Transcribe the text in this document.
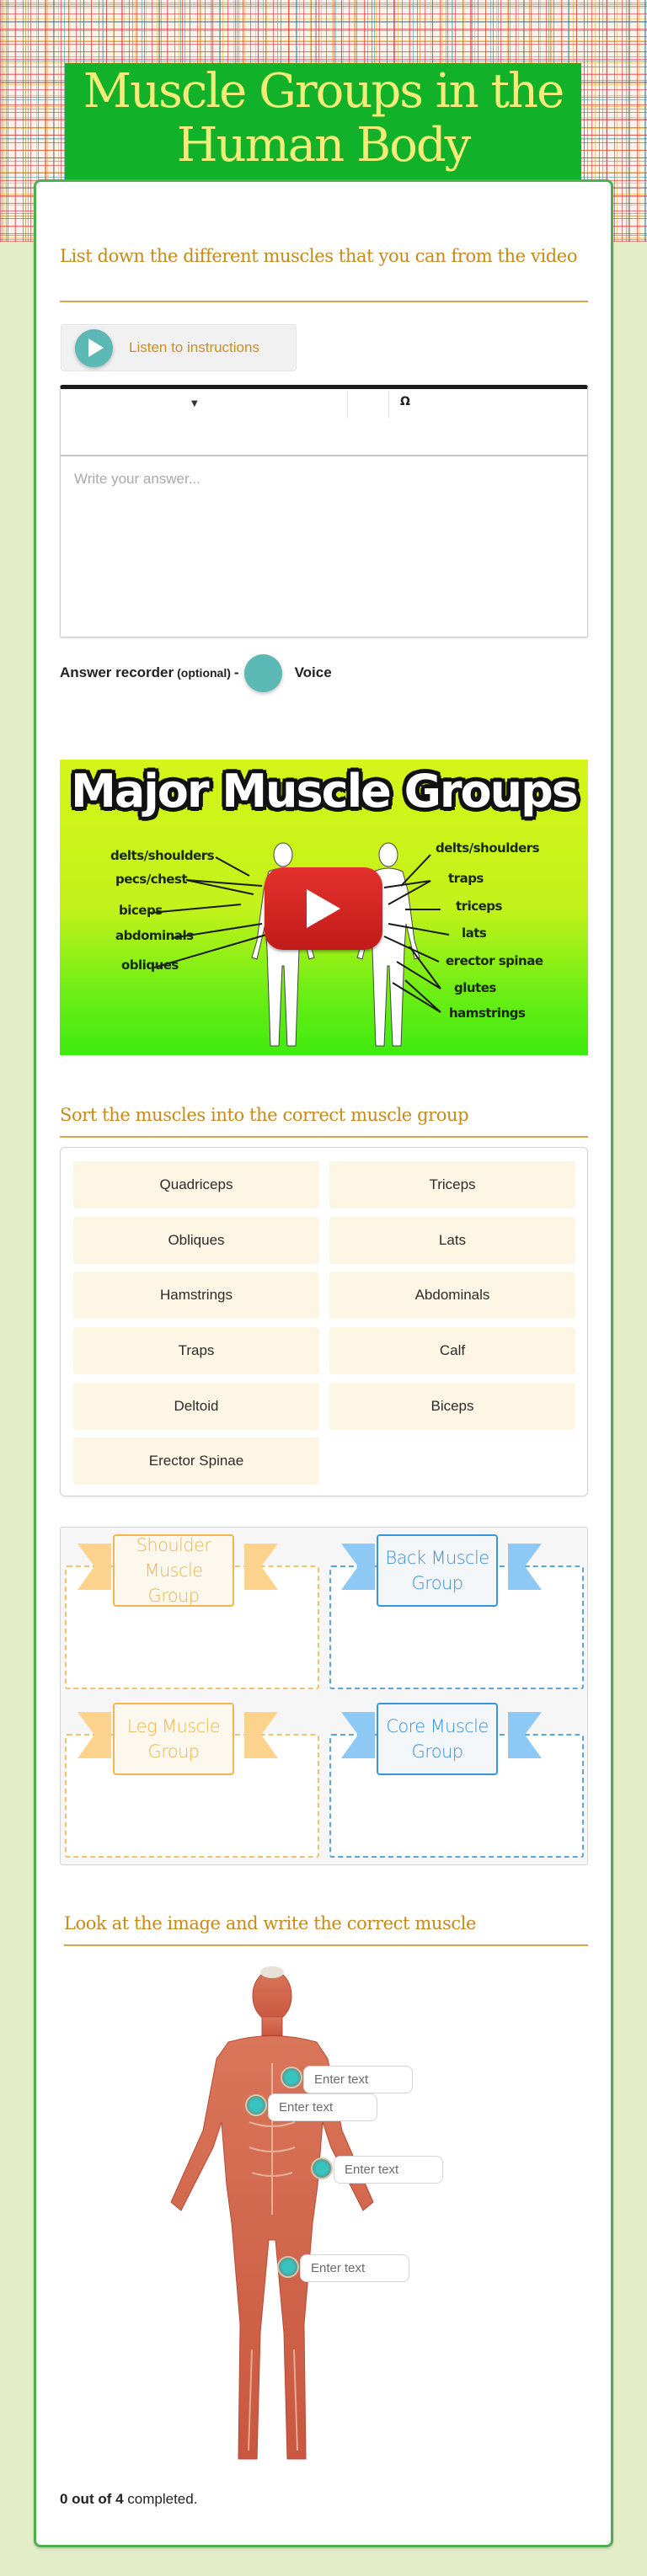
Muscle Groups in the Human Body
List down the different muscles that you can from the video
Listen to instructions
▼	Ω
Write your answer...
Answer recorder (optional) -	Voice
Major Muscle Groups
delts/shoulders
pecs/chest
biceps
abdominals
obliques
delts/shoulders
traps
triceps
lats
erector spinae
glutes
hamstrings
Sort the muscles into the correct muscle group
Quadriceps	Triceps
Obliques	Lats
Hamstrings	Abdominals
Traps	Calf
Deltoid	Biceps
Erector Spinae
Shoulder Muscle Group
Back Muscle Group
Leg Muscle Group
Core Muscle Group
Look at the image and write the correct muscle

Enter text
Enter text
Enter text
Enter text
0 out of 4 completed.
